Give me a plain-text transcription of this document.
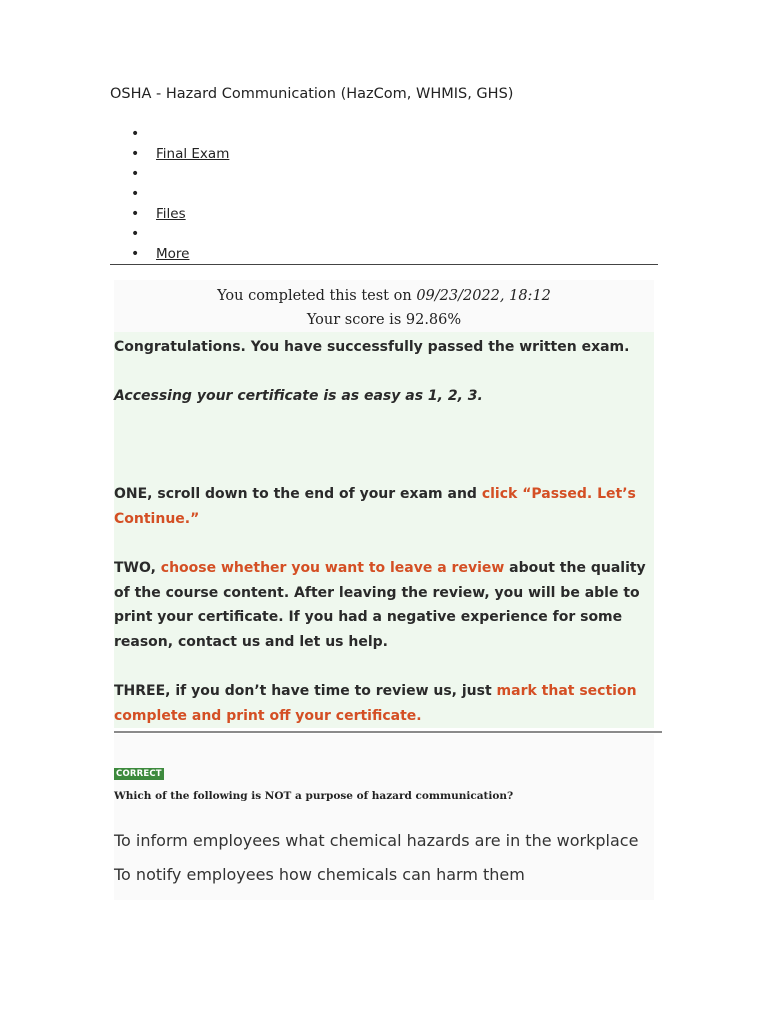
OSHA - Hazard Communication (HazCom, WHMIS, GHS)
•
• Final Exam
•
•
• Files
•
• More
You completed this test on 09/23/2022, 18:12
Your score is 92.86%

Congratulations. You have successfully passed the written exam.

Accessing your certificate is as easy as 1, 2, 3.

ONE, scroll down to the end of your exam and click “Passed. Let’s Continue.”

TWO, choose whether you want to leave a review about the quality of the course content. After leaving the review, you will be able to print your certificate. If you had a negative experience for some reason, contact us and let us help.

THREE, if you don’t have time to review us, just mark that section complete and print off your certificate.

CORRECT
Which of the following is NOT a purpose of hazard communication?
To inform employees what chemical hazards are in the workplace
To notify employees how chemicals can harm them
